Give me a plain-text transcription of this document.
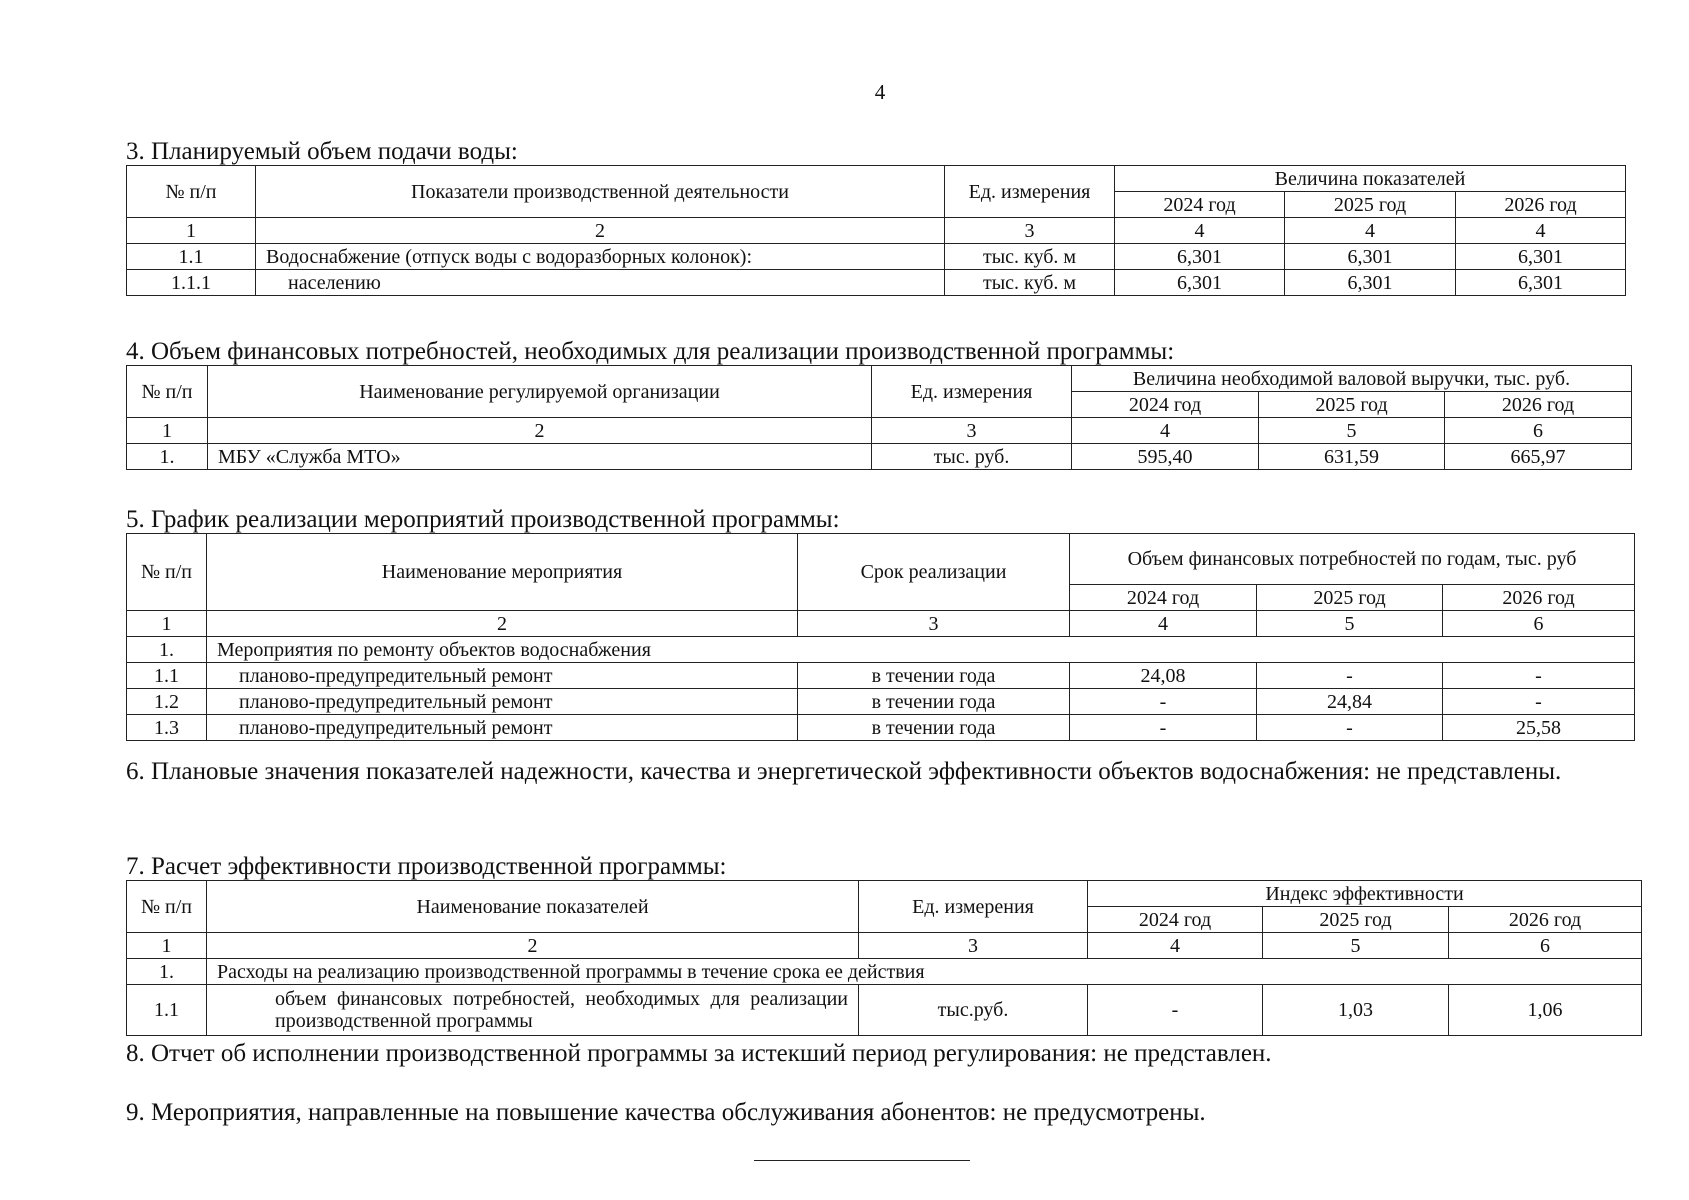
4
3. Планируемый объем подачи воды:
№ п/п	Показатели производственной деятельности	Ед. измерения	Величина показателей		
			2024 год	2025 год	2026 год
1	2	3	4	4	4
1.1	Водоснабжение (отпуск воды с водоразборных колонок):	тыс. куб. м	6,301	6,301	6,301
1.1.1	населению	тыс. куб. м	6,301	6,301	6,301
4. Объем финансовых потребностей, необходимых для реализации производственной программы:
№ п/п	Наименование регулируемой организации	Ед. измерения	Величина необходимой валовой выручки, тыс. руб.		
			2024 год	2025 год	2026 год
1	2	3	4	5	6
1.	МБУ «Служба МТО»	тыс. руб.	595,40	631,59	665,97
5. График реализации мероприятий производственной программы:
№ п/п	Наименование мероприятия	Срок реализации	Объем финансовых потребностей по годам, тыс. руб		
			2024 год	2025 год	2026 год
1	2	3	4	5	6
1.	Мероприятия по ремонту объектов водоснабжения				
1.1	планово-предупредительный ремонт	в течении года	24,08	-	-
1.2	планово-предупредительный ремонт	в течении года	-	24,84	-
1.3	планово-предупредительный ремонт	в течении года	-	-	25,58
6. Плановые значения показателей надежности, качества и энергетической эффективности объектов водоснабжения: не представлены.
7. Расчет эффективности производственной программы:
№ п/п	Наименование показателей	Ед. измерения	Индекс эффективности		
			2024 год	2025 год	2026 год
1	2	3	4	5	6
1.	Расходы на реализацию производственной программы в течение срока ее действия				
1.1	объем финансовых потребностей, необходимых для реализации производственной программы	тыс.руб.	-	1,03	1,06
8. Отчет об исполнении производственной программы за истекший период регулирования: не представлен.
9. Мероприятия, направленные на повышение качества обслуживания абонентов: не предусмотрены.
